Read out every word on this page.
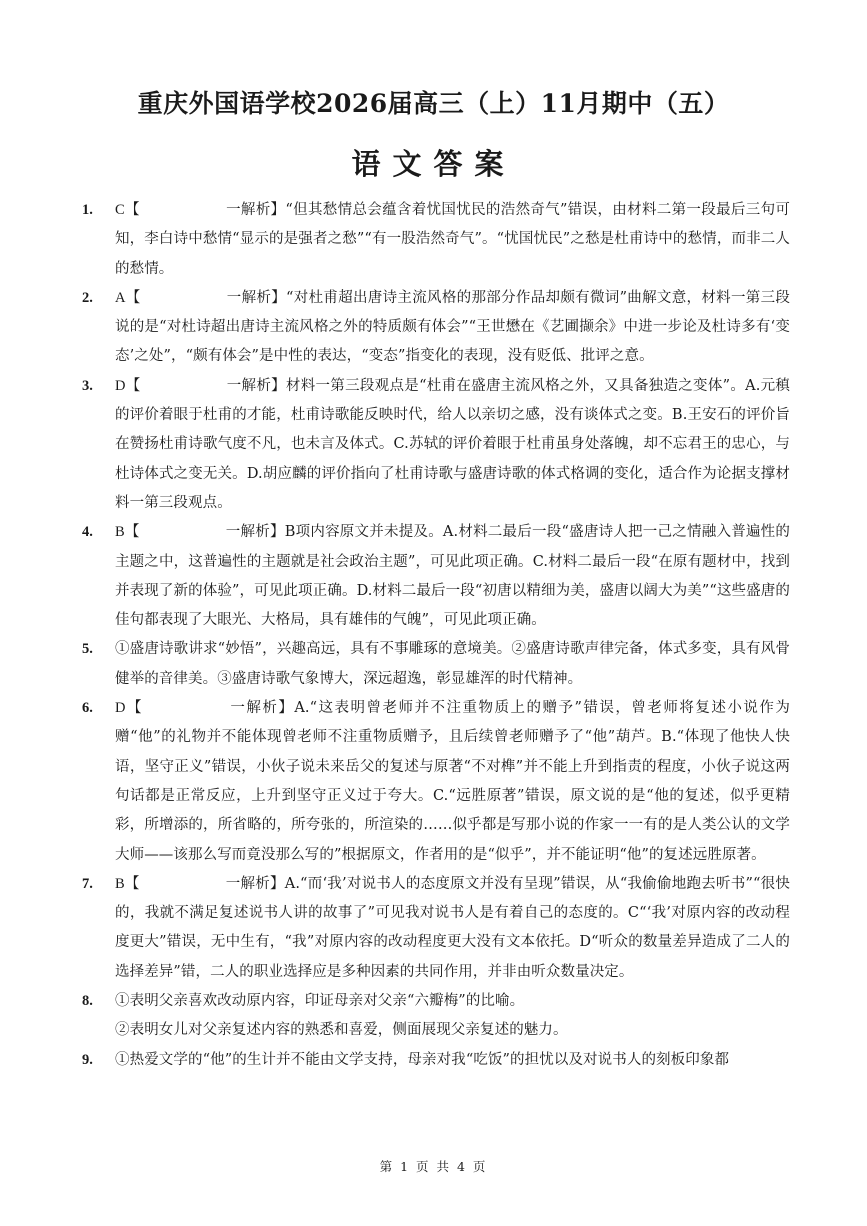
重庆外国语学校2026届高三（上）11月期中（五）
语文答案
1.	C【	一解析】“但其愁情总会蕴含着忧国忧民的浩然奇气”错误，由材料二第一段最后三句可知，李白诗中愁情“显示的是强者之愁”“有一股浩然奇气”。“忧国忧民”之愁是杜甫诗中的愁情，而非二人的愁情。
2.	A【	一解析】“对杜甫超出唐诗主流风格的那部分作品却颇有微词”曲解文意，材料一第三段说的是“对杜诗超出唐诗主流风格之外的特质颇有体会”“王世懋在《艺圃撷余》中进一步论及杜诗多有‘变态’之处”，“颇有体会”是中性的表达，“变态”指变化的表现，没有贬低、批评之意。
3.	D【	一解析】材料一第三段观点是“杜甫在盛唐主流风格之外，又具备独造之变体”。A.元稹的评价着眼于杜甫的才能，杜甫诗歌能反映时代，给人以亲切之感，没有谈体式之变。B.王安石的评价旨在赞扬杜甫诗歌气度不凡，也未言及体式。C.苏轼的评价着眼于杜甫虽身处落魄，却不忘君王的忠心，与杜诗体式之变无关。D.胡应麟的评价指向了杜甫诗歌与盛唐诗歌的体式格调的变化，适合作为论据支撑材料一第三段观点。
4.	B【	一解析】B项内容原文并未提及。A.材料二最后一段“盛唐诗人把一己之情融入普遍性的主题之中，这普遍性的主题就是社会政治主题”，可见此项正确。C.材料二最后一段“在原有题材中，找到并表现了新的体验”，可见此项正确。D.材料二最后一段“初唐以精细为美，盛唐以阔大为美”“这些盛唐的佳句都表现了大眼光、大格局，具有雄伟的气魄”，可见此项正确。
5.	①盛唐诗歌讲求“妙悟”，兴趣高远，具有不事雕琢的意境美。②盛唐诗歌声律完备，体式多变，具有风骨健举的音律美。③盛唐诗歌气象博大，深远超逸，彰显雄浑的时代精神。
6.	D【	一解析】A.“这表明曾老师并不注重物质上的赠予”错误，曾老师将复述小说作为赠“他”的礼物并不能体现曾老师不注重物质赠予，且后续曾老师赠予了“他”葫芦。B.“体现了他快人快语，坚守正义”错误，小伙子说未来岳父的复述与原著“不对榫”并不能上升到指责的程度，小伙子说这两句话都是正常反应，上升到坚守正义过于夸大。C.“远胜原著”错误，原文说的是“他的复述，似乎更精彩，所增添的，所省略的，所夸张的，所渲染的……似乎都是写那小说的作家一一有的是人类公认的文学大师——该那么写而竟没那么写的”根据原文，作者用的是“似乎”，并不能证明“他”的复述远胜原著。
7.	B【	一解析】A.“而‘我’对说书人的态度原文并没有呈现”错误，从“我偷偷地跑去听书”“很快的，我就不满足复述说书人讲的故事了”可见我对说书人是有着自己的态度的。C“‘我’对原内容的改动程度更大”错误，无中生有，“我”对原内容的改动程度更大没有文本依托。D“听众的数量差异造成了二人的选择差异”错，二人的职业选择应是多种因素的共同作用，并非由听众数量决定。
8.	①表明父亲喜欢改动原内容，印证母亲对父亲“六瓣梅”的比喻。
②表明女儿对父亲复述内容的熟悉和喜爱，侧面展现父亲复述的魅力。
9.	①热爱文学的“他”的生计并不能由文学支持，母亲对我“吃饭”的担忧以及对说书人的刻板印象都
第 1 页 共 4 页
